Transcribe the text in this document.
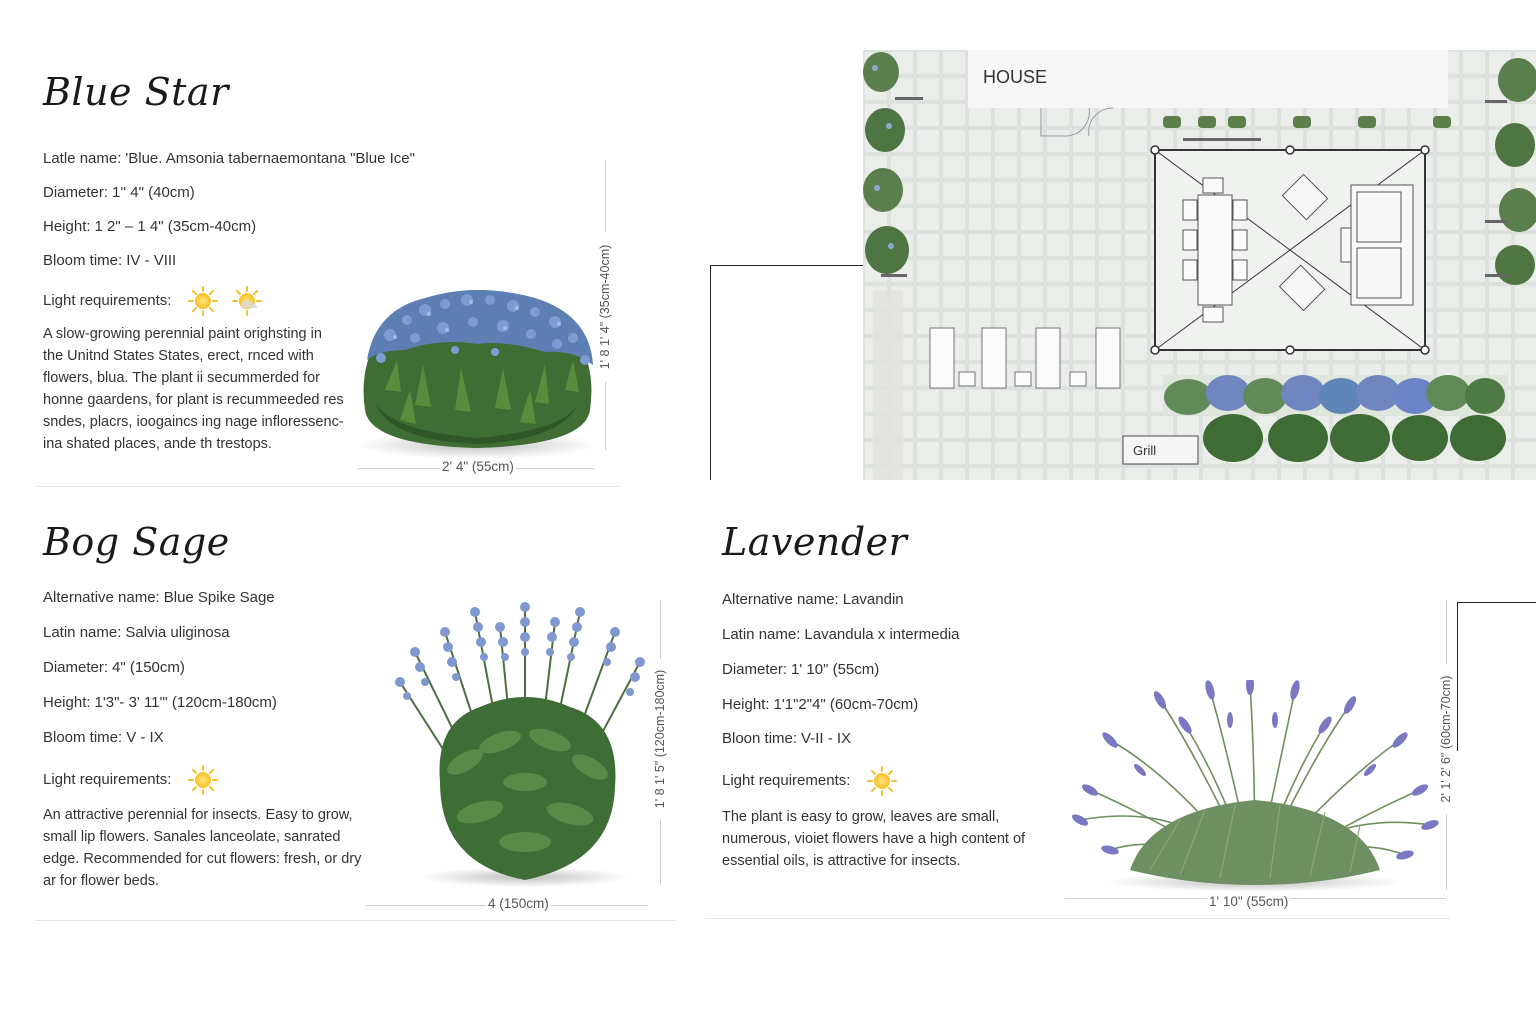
Blue Star
Latle name: 'Blue. Amsonia tabernaemontana "Blue Ice"
Diameter: 1'' 4" (40cm)
Height: 1 2" – 1 4" (35cm-40cm)
Bloom time: IV - VIII
Light requirements:
A slow-growing perennial paint orighsting in
the Unitnd States States, erect, rnced with
flowers, blua. The plant ii secummerded for
honne gaardens, for plant is recummeeded res
sndes, placrs, ioogaincs ing nage infloressenc-
ina shated places, ande th trestops.
2' 4" (55cm)
1' 8 1' 4" (35cm-40cm)
HOUSE
Grill
Bog Sage
Alternative name: Blue Spike Sage
Latin name: Salvia uliginosa
Diameter: 4" (150cm)
Height: 1'3"- 3' 11'" (120cm-180cm)
Bloom time: V - IX
Light requirements:
An attractive perennial for insects. Easy to grow,
small lip flowers. Sanales lanceolate, sanrated
edge. Recommended for cut flowers: fresh, or dry
ar for flower beds.
4 (150cm)
1' 8 1' 5" (120cm-180cm)
Lavender
Alternative name: Lavandin
Latin name: Lavandula x intermedia
Diameter: 1' 10" (55cm)
Height: 1'1"2"4" (60cm-70cm)
Bloon time: V-II - IX
Light requirements:
The plant is easy to grow, leaves are small,
numerous, vioiet flowers have a high content of
essential oils, is attractive for insects.
1' 10" (55cm)
2' 1' 2' 6" (60cm-70cm)
